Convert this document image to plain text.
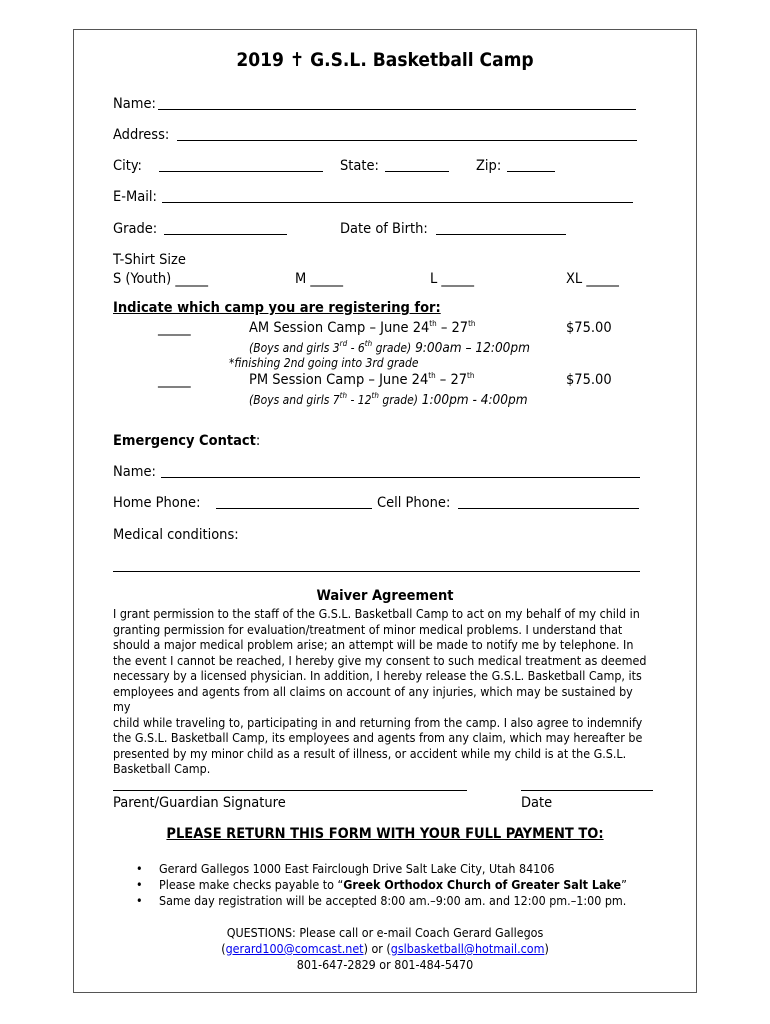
2019 ✝ G.S.L. Basketball Camp
Name:
Address:
City:	State:	Zip:
E-Mail:
Grade:	Date of Birth:
T-Shirt Size
S (Youth) _____	M _____	L _____	XL _____
Indicate which camp you are registering for:
_____	AM Session Camp – June 24th – 27th	$75.00
(Boys and girls 3rd - 6th grade) 9:00am – 12:00pm
*finishing 2nd going into 3rd grade
_____	PM Session Camp – June 24th – 27th	$75.00
(Boys and girls 7th - 12th grade) 1:00pm - 4:00pm
Emergency Contact:
Name:
Home Phone:	Cell Phone:
Medical conditions:
Waiver Agreement
I grant permission to the staff of the G.S.L. Basketball Camp to act on my behalf of my child in
granting permission for evaluation/treatment of minor medical problems. I understand that
should a major medical problem arise; an attempt will be made to notify me by telephone. In
the event I cannot be reached, I hereby give my consent to such medical treatment as deemed
necessary by a licensed physician. In addition, I hereby release the G.S.L. Basketball Camp, its
employees and agents from all claims on account of any injuries, which may be sustained by my
child while traveling to, participating in and returning from the camp. I also agree to indemnify
the G.S.L. Basketball Camp, its employees and agents from any claim, which may hereafter be
presented by my minor child as a result of illness, or accident while my child is at the G.S.L.
Basketball Camp.
Parent/Guardian Signature	Date
PLEASE RETURN THIS FORM WITH YOUR FULL PAYMENT TO:
• Gerard Gallegos 1000 East Fairclough Drive Salt Lake City, Utah 84106
• Please make checks payable to “Greek Orthodox Church of Greater Salt Lake”
• Same day registration will be accepted 8:00 am.–9:00 am. and 12:00 pm.–1:00 pm.
QUESTIONS: Please call or e-mail Coach Gerard Gallegos
(gerard100@comcast.net) or (gslbasketball@hotmail.com)
801-647-2829 or 801-484-5470
